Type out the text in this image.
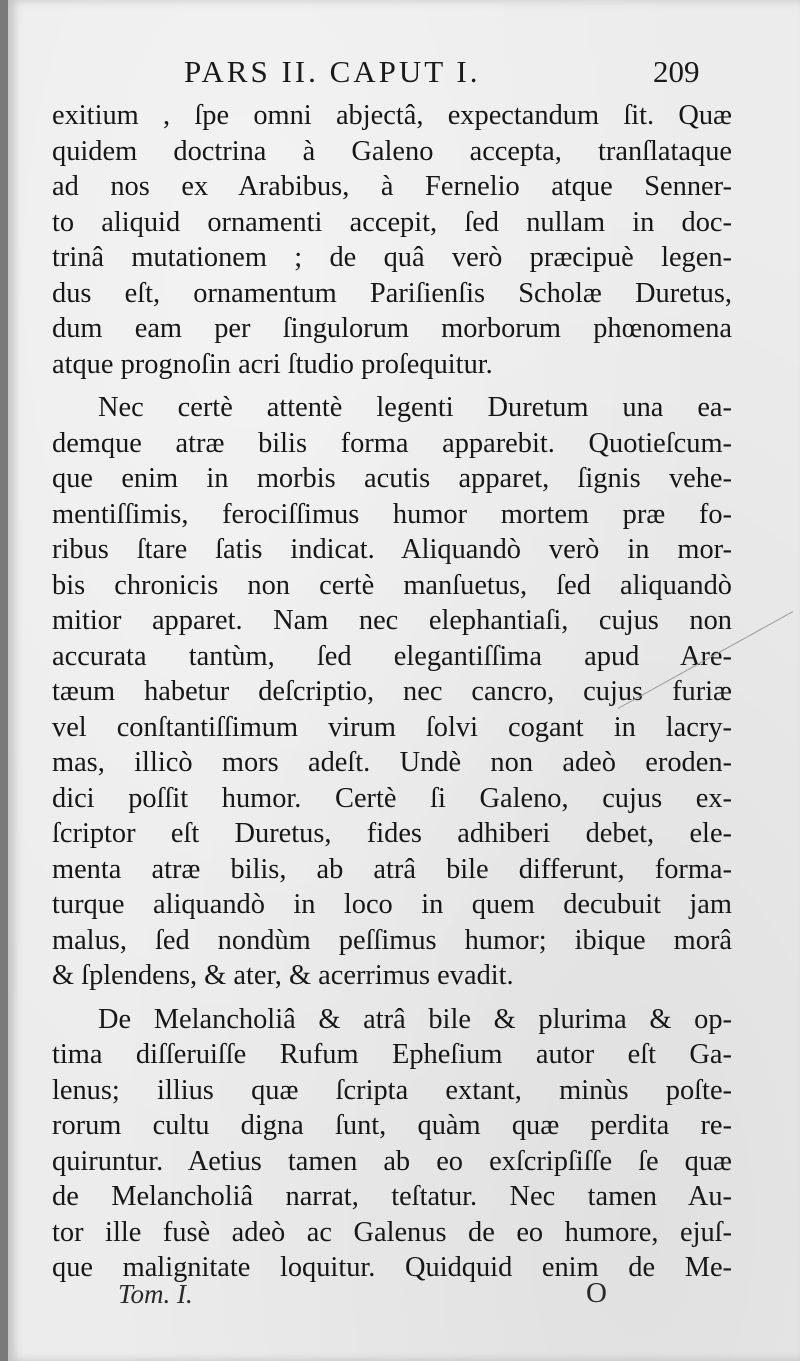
PARS II. CAPUT I.	209
exitium , ſpe omni abjectâ, expectandum ſit. Quæ
quidem doctrina à Galeno accepta, tranſlataque
ad nos ex Arabibus, à Fernelio atque Senner-
to aliquid ornamenti accepit, ſed nullam in doc-
trinâ mutationem ; de quâ verò præcipuè legen-
dus eſt, ornamentum Pariſienſis Scholæ Duretus,
dum eam per ſingulorum morborum phœnomena
atque prognoſin acri ſtudio proſequitur.
Nec certè attentè legenti Duretum una ea-
demque atræ bilis forma apparebit. Quotieſcum-
que enim in morbis acutis apparet, ſignis vehe-
mentiſſimis, ferociſſimus humor mortem præ fo-
ribus ſtare ſatis indicat. Aliquandò verò in mor-
bis chronicis non certè manſuetus, ſed aliquandò
mitior apparet. Nam nec elephantiaſi, cujus non
accurata tantùm, ſed elegantiſſima apud Are-
tæum habetur deſcriptio, nec cancro, cujus furiæ
vel conſtantiſſimum virum ſolvi cogant in lacry-
mas, illicò mors adeſt. Undè non adeò eroden-
dici poſſit humor. Certè ſi Galeno, cujus ex-
ſcriptor eſt Duretus, fides adhiberi debet, ele-
menta atræ bilis, ab atrâ bile differunt, forma-
turque aliquandò in loco in quem decubuit jam
malus, ſed nondùm peſſimus humor; ibique morâ
& ſplendens, & ater, & acerrimus evadit.
De Melancholiâ & atrâ bile & plurima & op-
tima diſſeruiſſe Rufum Epheſium autor eſt Ga-
lenus; illius quæ ſcripta extant, minùs poſte-
rorum cultu digna ſunt, quàm quæ perdita re-
quiruntur. Aetius tamen ab eo exſcripſiſſe ſe quæ
de Melancholiâ narrat, teſtatur. Nec tamen Au-
tor ille fusè adeò ac Galenus de eo humore, ejuſ-
que malignitate loquitur. Quidquid enim de Me-
Tom. I.	O
